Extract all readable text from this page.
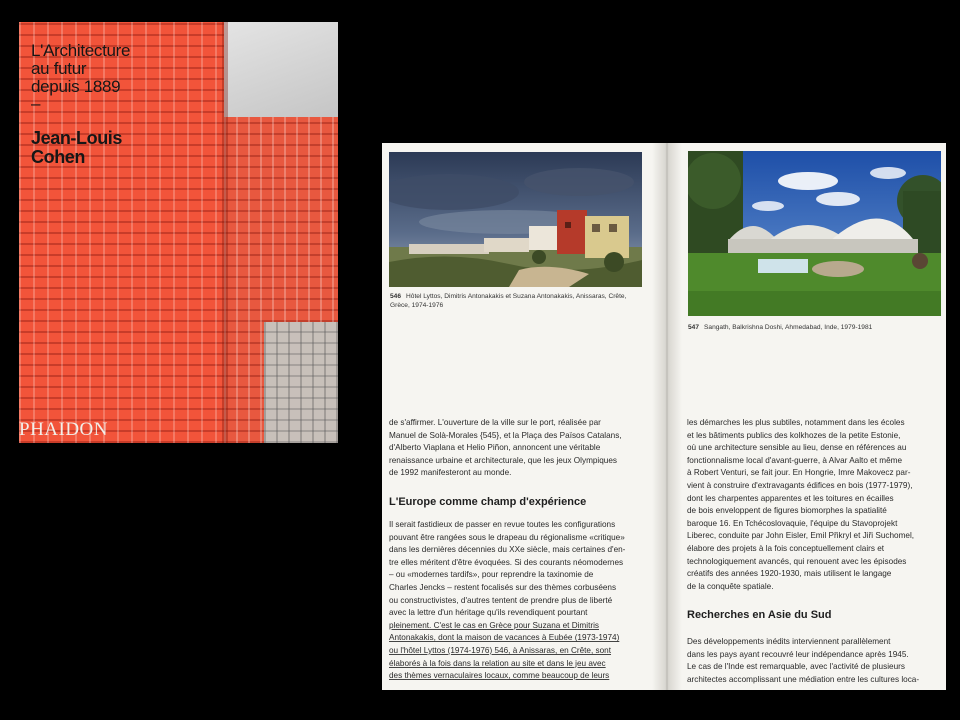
L'Architecture
au futur
depuis 1889
–
Jean-Louis
Cohen
PHAIDON
546 Hôtel Lyttos, Dimitris Antonakakis et Suzana Antonakakis, Anissaras, Crête,
Grèce, 1974-1976
de s'affirmer. L'ouverture de la ville sur le port, réalisée par
Manuel de Solà-Morales {545}, et la Plaça des Països Catalans,
d'Alberto Viaplana et Helio Piñon, annoncent une véritable
renaissance urbaine et architecturale, que les jeux Olympiques
de 1992 manifesteront au monde.
L'Europe comme champ d'expérience
Il serait fastidieux de passer en revue toutes les configurations
pouvant être rangées sous le drapeau du régionalisme «critique»
dans les dernières décennies du XXe siècle, mais certaines d'en-
tre elles méritent d'être évoquées. Si des courants néomodernes
– ou «modernes tardifs», pour reprendre la taxinomie de
Charles Jencks – restent focalisés sur des thèmes corbuséens
ou constructivistes, d'autres tentent de prendre plus de liberté
avec la lettre d'un héritage qu'ils revendiquent pourtant
pleinement. C'est le cas en Grèce pour Suzana et Dimitris
Antonakakis, dont la maison de vacances à Eubée (1973-1974)
ou l'hôtel Lyttos (1974-1976) 546, à Anissaras, en Crête, sont
élaborés à la fois dans la relation au site et dans le jeu avec
des thèmes vernaculaires locaux, comme beaucoup de leurs
547 Sangath, Balkrishna Doshi, Ahmedabad, Inde, 1979-1981
les démarches les plus subtiles, notamment dans les écoles
et les bâtiments publics des kolkhozes de la petite Estonie,
où une architecture sensible au lieu, dense en références au
fonctionnalisme local d'avant-guerre, à Alvar Aalto et même
à Robert Venturi, se fait jour. En Hongrie, Imre Makovecz par-
vient à construire d'extravagants édifices en bois (1977-1979),
dont les charpentes apparentes et les toitures en écailles
de bois enveloppent de figures biomorphes la spatialité
baroque 16. En Tchécoslovaquie, l'équipe du Stavoprojekt
Liberec, conduite par John Eisler, Emil Přikryl et Jiři Suchomel,
élabore des projets à la fois conceptuellement clairs et
technologiquement avancés, qui renouent avec les épisodes
créatifs des années 1920-1930, mais utilisent le langage
de la conquête spatiale.
Recherches en Asie du Sud
Des développements inédits interviennent parallèlement
dans les pays ayant recouvré leur indépendance après 1945.
Le cas de l'Inde est remarquable, avec l'activité de plusieurs
architectes accomplissant une médiation entre les cultures loca-
